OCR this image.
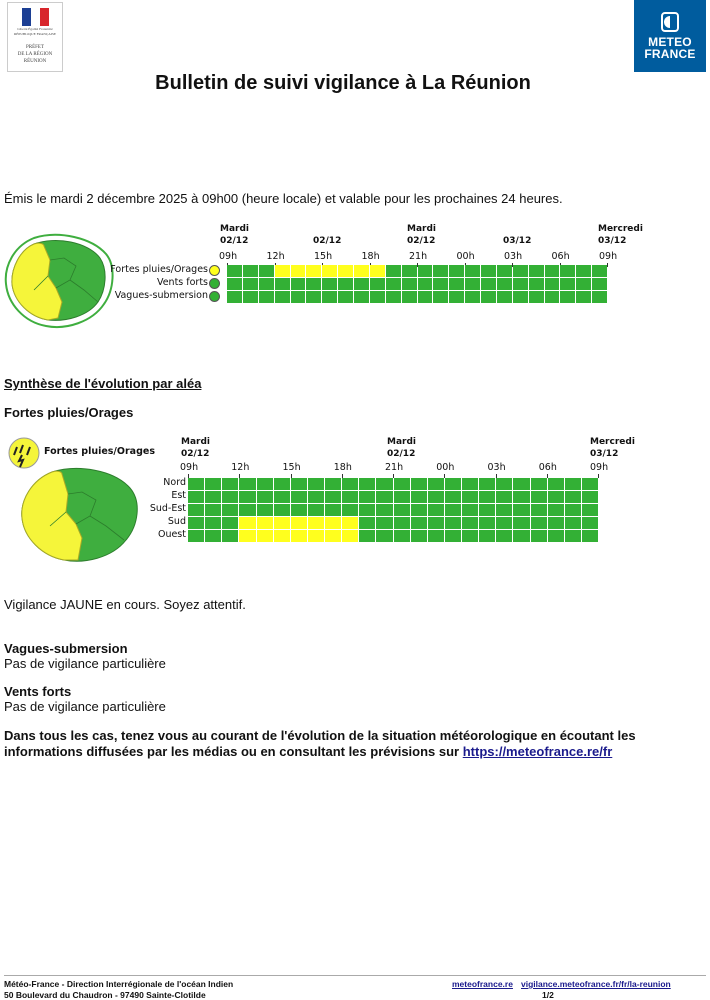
Liberté Égalité Fraternité
RÉPUBLIQUE FRANÇAISE
PRÉFET
DE LA RÉGION
RÉUNION
METEO
FRANCE
Bulletin de suivi vigilance à La Réunion
Émis le mardi 2 décembre 2025 à 09h00 (heure locale) et valable pour les prochaines 24 heures.
Mardi
02/12	02/12
Mardi
02/12	03/12
Mercredi
03/12
09h	12h	15h	18h	21h	00h	03h	06h	09h
Fortes pluies/Orages
Vents forts
Vagues-submersion
Synthèse de l'évolution par aléa
Fortes pluies/Orages
Fortes pluies/Orages
Mardi
02/12
Mardi
02/12
Mercredi
03/12
09h	12h	15h	18h	21h	00h	03h	06h	09h
Nord
Est
Sud-Est
Sud
Ouest
Vigilance JAUNE en cours. Soyez attentif.
Vagues-submersion
Pas de vigilance particulière
Vents forts
Pas de vigilance particulière
Dans tous les cas, tenez vous au courant de l'évolution de la situation météorologique en écoutant les informations diffusées par les médias ou en consultant les prévisions sur https://meteofrance.re/fr
Météo-France - Direction Interrégionale de l'océan Indien
50 Boulevard du Chaudron - 97490 Sainte-Clotilde
meteofrance.re vigilance.meteofrance.fr/fr/la-reunion
1/2
